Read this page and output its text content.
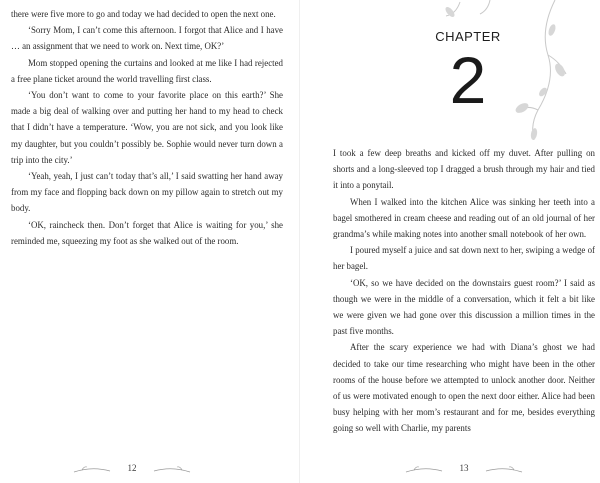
there were five more to go and today we had decided to open the next one.

‘Sorry Mom, I can’t come this afternoon. I forgot that Alice and I have … an assignment that we need to work on. Next time, OK?’

Mom stopped opening the curtains and looked at me like I had rejected a free plane ticket around the world travelling first class.

‘You don’t want to come to your favorite place on this earth?’ She made a big deal of walking over and putting her hand to my head to check that I didn’t have a temperature. ‘Wow, you are not sick, and you look like my daughter, but you couldn’t possibly be. Sophie would never turn down a trip into the city.’

‘Yeah, yeah, I just can’t today that’s all,’ I said swatting her hand away from my face and flopping back down on my pillow again to stretch out my body.

‘OK, raincheck then. Don’t forget that Alice is waiting for you,’ she reminded me, squeezing my foot as she walked out of the room.

12
CHAPTER
2

I took a few deep breaths and kicked off my duvet. After pulling on shorts and a long-sleeved top I dragged a brush through my hair and tied it into a ponytail.

When I walked into the kitchen Alice was sinking her teeth into a bagel smothered in cream cheese and reading out of an old journal of her grandma’s while making notes into another small notebook of her own.

I poured myself a juice and sat down next to her, swiping a wedge of her bagel.

‘OK, so we have decided on the downstairs guest room?’ I said as though we were in the middle of a conversation, which it felt a bit like we were given we had gone over this discussion a million times in the past five months.

After the scary experience we had with Diana’s ghost we had decided to take our time researching who might have been in the other rooms of the house before we attempted to unlock another door. Neither of us were motivated enough to open the next door either. Alice had been busy helping with her mom’s restaurant and for me, besides everything going so well with Charlie, my parents

13
